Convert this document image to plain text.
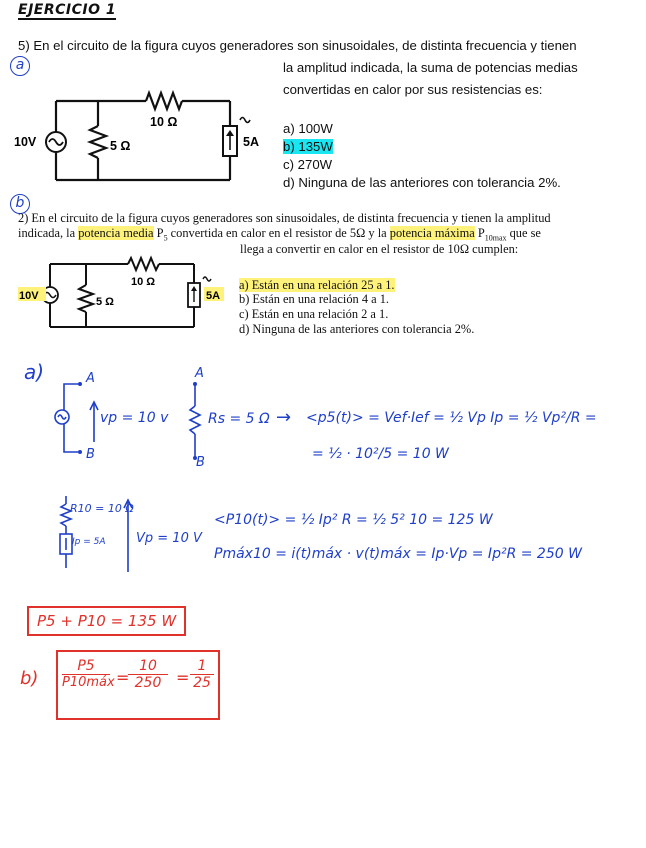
EJERCICIO 1
5) En el circuito de la figura cuyos generadores son sinusoidales, de distinta frecuencia y tienen
a	la amplitud indicada, la suma de potencias medias
convertidas en calor por sus resistencias es:
a) 100W
b) 135W
c) 270W
d) Ninguna de las anteriores con tolerancia 2%.
10V
10 Ω
5 Ω	5A
b
2) En el circuito de la figura cuyos generadores son sinusoidales, de distinta frecuencia y tienen la amplitud
indicada, la potencia media $P_5$ convertida en calor en el resistor de 5Ω y la potencia máxima $P_{10max}$ que se
llega a convertir en calor en el resistor de 10Ω cumplen:
a) Están en una relación 25 a 1.
b) Están en una relación 4 a 1.
c) Están en una relación 2 a 1.
d) Ninguna de las anteriores con tolerancia 2%.
10V
10 Ω
5 Ω	5A
a)	A
B
vp = 10 v
A
B
Rs = 5 Ω → <p5(t)> = Vef·Ief = ½ Vp Ip = ½ Vp²/R =
= ½ · 10²/5 = 10 W
R10 = 10 Ω
Ip = 5A Vp = 10 V
<P10(t)> = ½ Ip² R = ½ 5² 10 = 125 W
Pmáx10 = i(t)máx · v(t)máx = Ip·Vp = Ip²R = 250 W
P5 + P10 = 135 W
b)
P5
P10máx =
10
250 =
1
25
